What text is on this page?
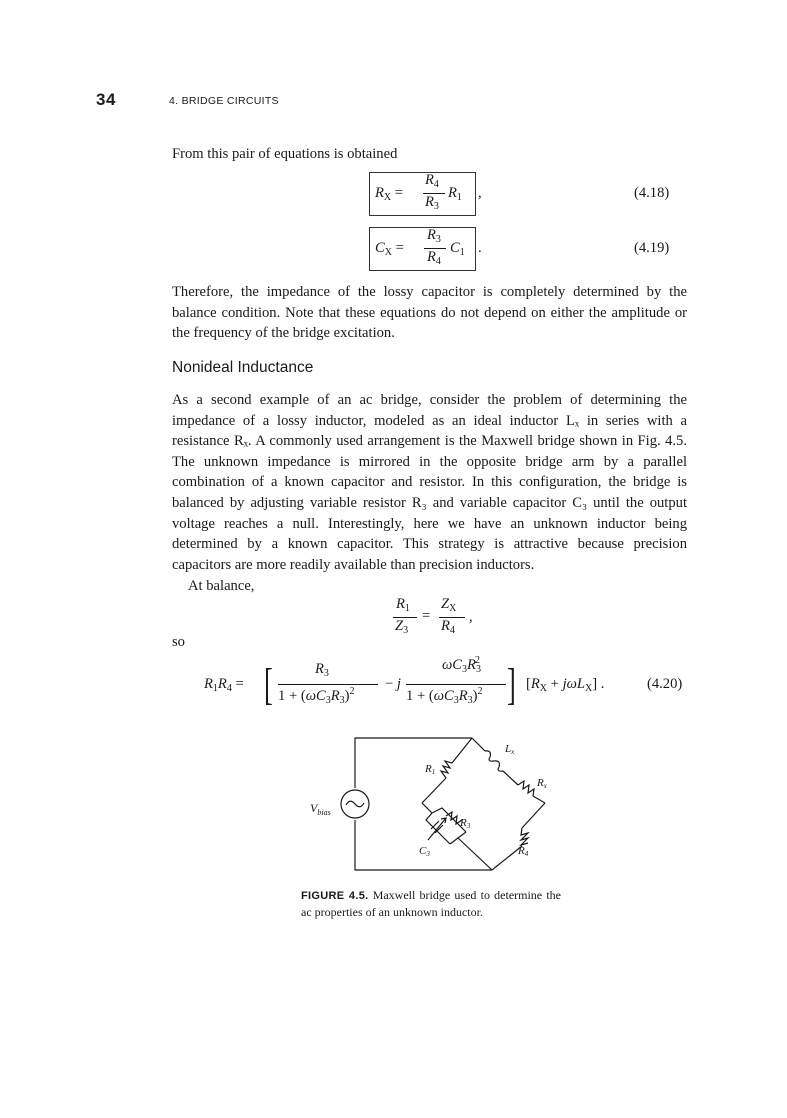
34	4. BRIDGE CIRCUITS

From this pair of equations is obtained

$R_X$ =
$R_4$
$R_3$
$R_1$ ,	(4.18)
$C_X$ =
$R_3$
$R_4$
$C_1$ .	(4.19)

Therefore, the impedance of the lossy capacitor is completely determined by the balance condition. Note that these equations do not depend on either the amplitude or the frequency of the bridge excitation.

Nonideal Inductance

As a second example of an ac bridge, consider the problem of determining the impedance of a lossy inductor, modeled as an ideal inductor Lₓ in series with a resistance Rₓ. A commonly used arrangement is the Maxwell bridge shown in Fig. 4.5. The unknown impedance is mirrored in the opposite bridge arm by a parallel combination of a known capacitor and resistor. In this configuration, the bridge is balanced by adjusting variable resistor R₃ and variable capacitor C₃ until the output voltage reaches a null. Interestingly, here we have an unknown inductor being determined by a known capacitor. This strategy is attractive because precision capacitors are more readily available than precision inductors.

At balance,

$R_1$
$Z_3$
=
$Z_X$
$R_4$
,

so

$R_1R_4$ = [	$R_3$
$1 + (\omega C_3R_3)^2 - j$
$\omega C_3R_3^2$
$1 + (\omega C_3R_3)^2$ ] $[R_X + j\omega L_X]$ .	(4.20)
R1
Lx
Rx
R3
C3	R4
$V_{bias}$

FIGURE 4.5. Maxwell bridge used to determine the ac properties of an unknown inductor.
